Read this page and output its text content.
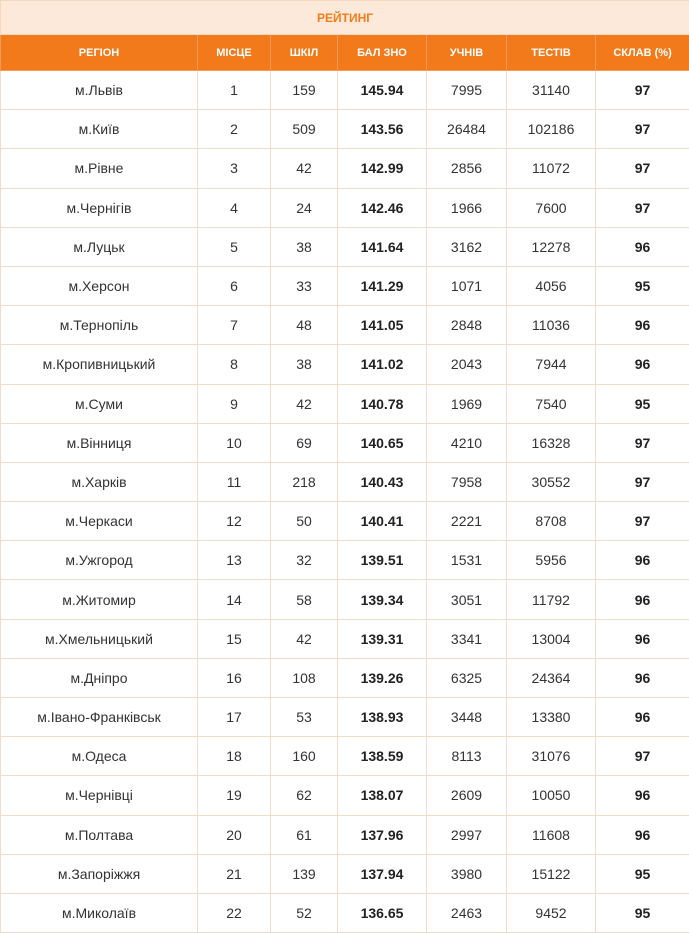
РЕЙТИНГ						
РЕГІОН	МІСЦЕ	ШКІЛ	БАЛ ЗНО	УЧНІВ	ТЕСТІВ	СКЛАВ (%)
м.Львів	1	159	145.94	7995	31140	97
м.Київ	2	509	143.56	26484	102186	97
м.Рівне	3	42	142.99	2856	11072	97
м.Чернігів	4	24	142.46	1966	7600	97
м.Луцьк	5	38	141.64	3162	12278	96
м.Херсон	6	33	141.29	1071	4056	95
м.Тернопіль	7	48	141.05	2848	11036	96
м.Кропивницький	8	38	141.02	2043	7944	96
м.Суми	9	42	140.78	1969	7540	95
м.Вінниця	10	69	140.65	4210	16328	97
м.Харків	11	218	140.43	7958	30552	97
м.Черкаси	12	50	140.41	2221	8708	97
м.Ужгород	13	32	139.51	1531	5956	96
м.Житомир	14	58	139.34	3051	11792	96
м.Хмельницький	15	42	139.31	3341	13004	96
м.Дніпро	16	108	139.26	6325	24364	96
м.Івано-Франківськ	17	53	138.93	3448	13380	96
м.Одеса	18	160	138.59	8113	31076	97
м.Чернівці	19	62	138.07	2609	10050	96
м.Полтава	20	61	137.96	2997	11608	96
м.Запоріжжя	21	139	137.94	3980	15122	95
м.Миколаїв	22	52	136.65	2463	9452	95
